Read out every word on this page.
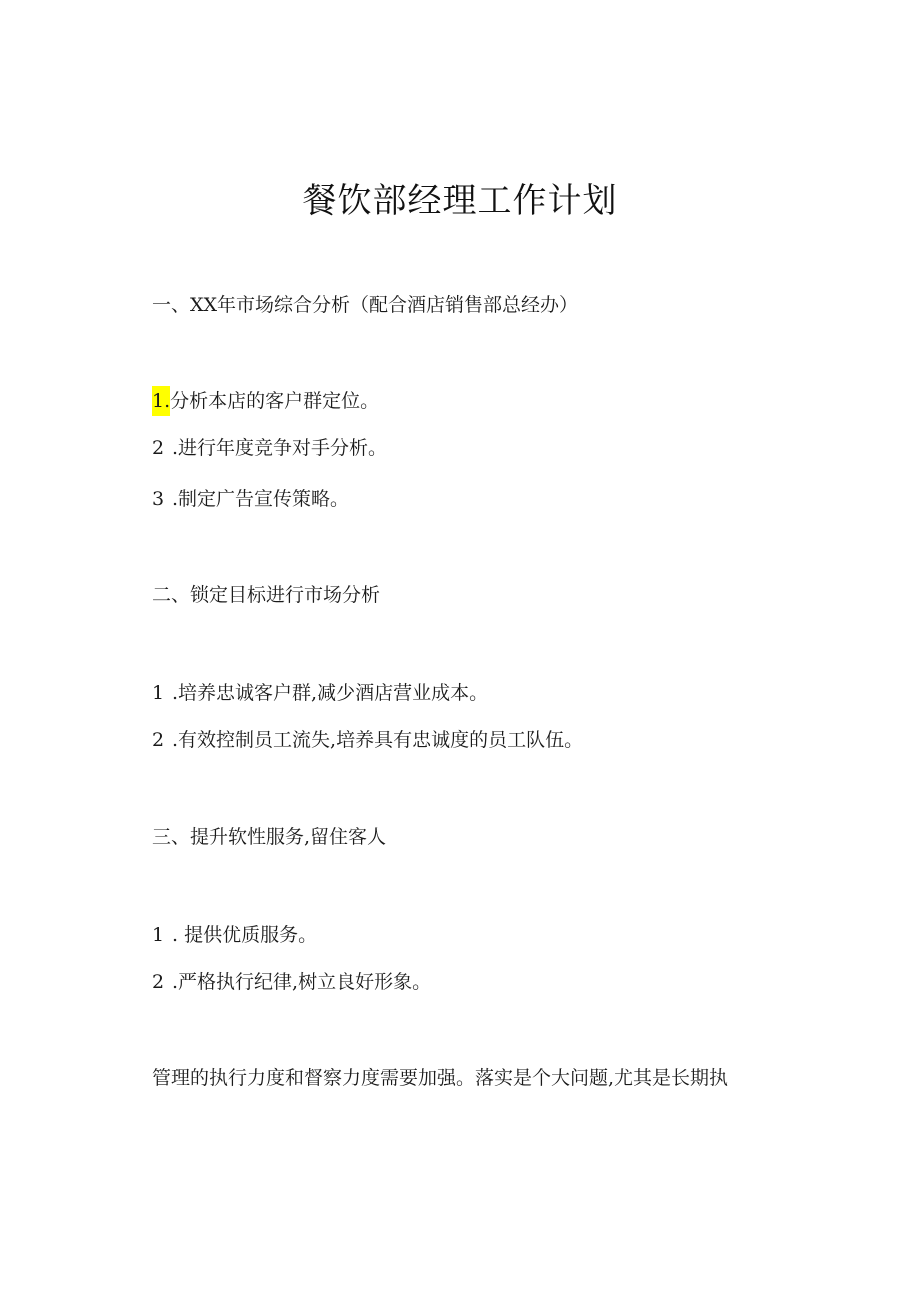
餐饮部经理工作计划
一、XX年市场综合分析（配合酒店销售部总经办）
1.分析本店的客户群定位。
2 .进行年度竞争对手分析。
3 .制定广告宣传策略。
二、锁定目标进行市场分析
1 .培养忠诚客户群,减少酒店营业成本。
2 .有效控制员工流失,培养具有忠诚度的员工队伍。
三、提升软性服务,留住客人
1 . 提供优质服务。
2 .严格执行纪律,树立良好形象。
管理的执行力度和督察力度需要加强。落实是个大问题,尤其是长期执
